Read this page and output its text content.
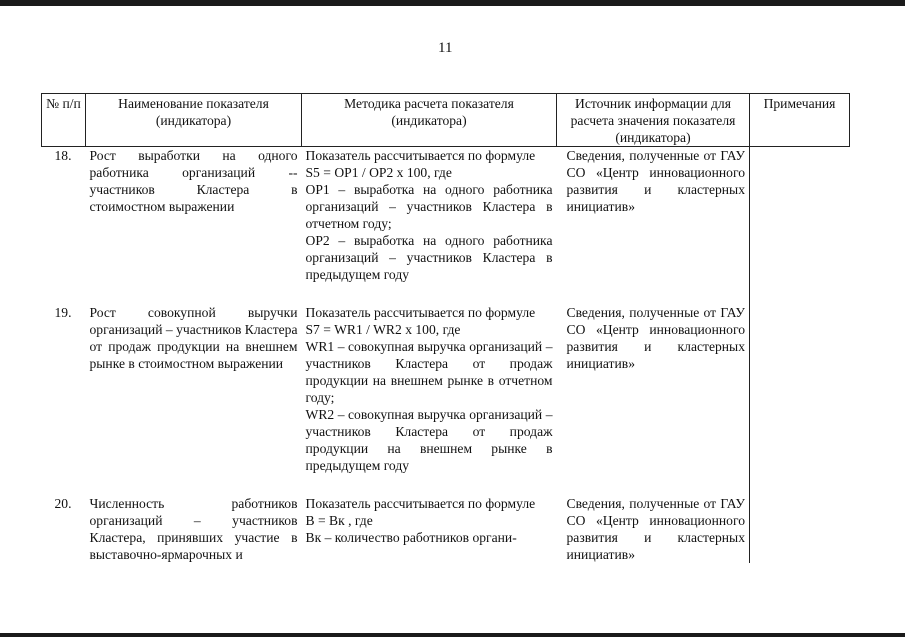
11
№ п/п	Наименование показателя (индикатора)	Методика расчета показателя (индикатора)	Источник информации для расчета значения показателя (индикатора)	Примечания
18.	Рост выработки на одного работника организаций -- участников Кластера в стоимостном выражении	Показатель рассчитывается по формуле
S5 = OP1 / OP2 x 100, где
OP1 – выработка на одного работника организаций – участников Кластера в отчетном году;
OP2 – выработка на одного работника организаций – участников Кластера в предыдущем году	Сведения, полученные от ГАУ СО «Центр инновационного развития и кластерных инициатив»	

19.	Рост совокупной выручки организаций – участников Кластера от продаж продукции на внешнем рынке в стоимостном выражении	Показатель рассчитывается по формуле
S7 = WR1 / WR2 x 100, где
WR1 – совокупная выручка организаций – участников Кластера от продаж продукции на внешнем рынке в отчетном году;
WR2 – совокупная выручка организаций – участников Кластера от продаж продукции на внешнем рынке в предыдущем году	Сведения, полученные от ГАУ СО «Центр инновационного развития и кластерных инициатив»	

20.	Численность работников организаций – участников Кластера, принявших участие в выставочно-ярмарочных и	Показатель рассчитывается по формуле
B = Bк , где
Bк – количество работников органи-	Сведения, полученные от ГАУ СО «Центр инновационного развития и кластерных инициатив»	
